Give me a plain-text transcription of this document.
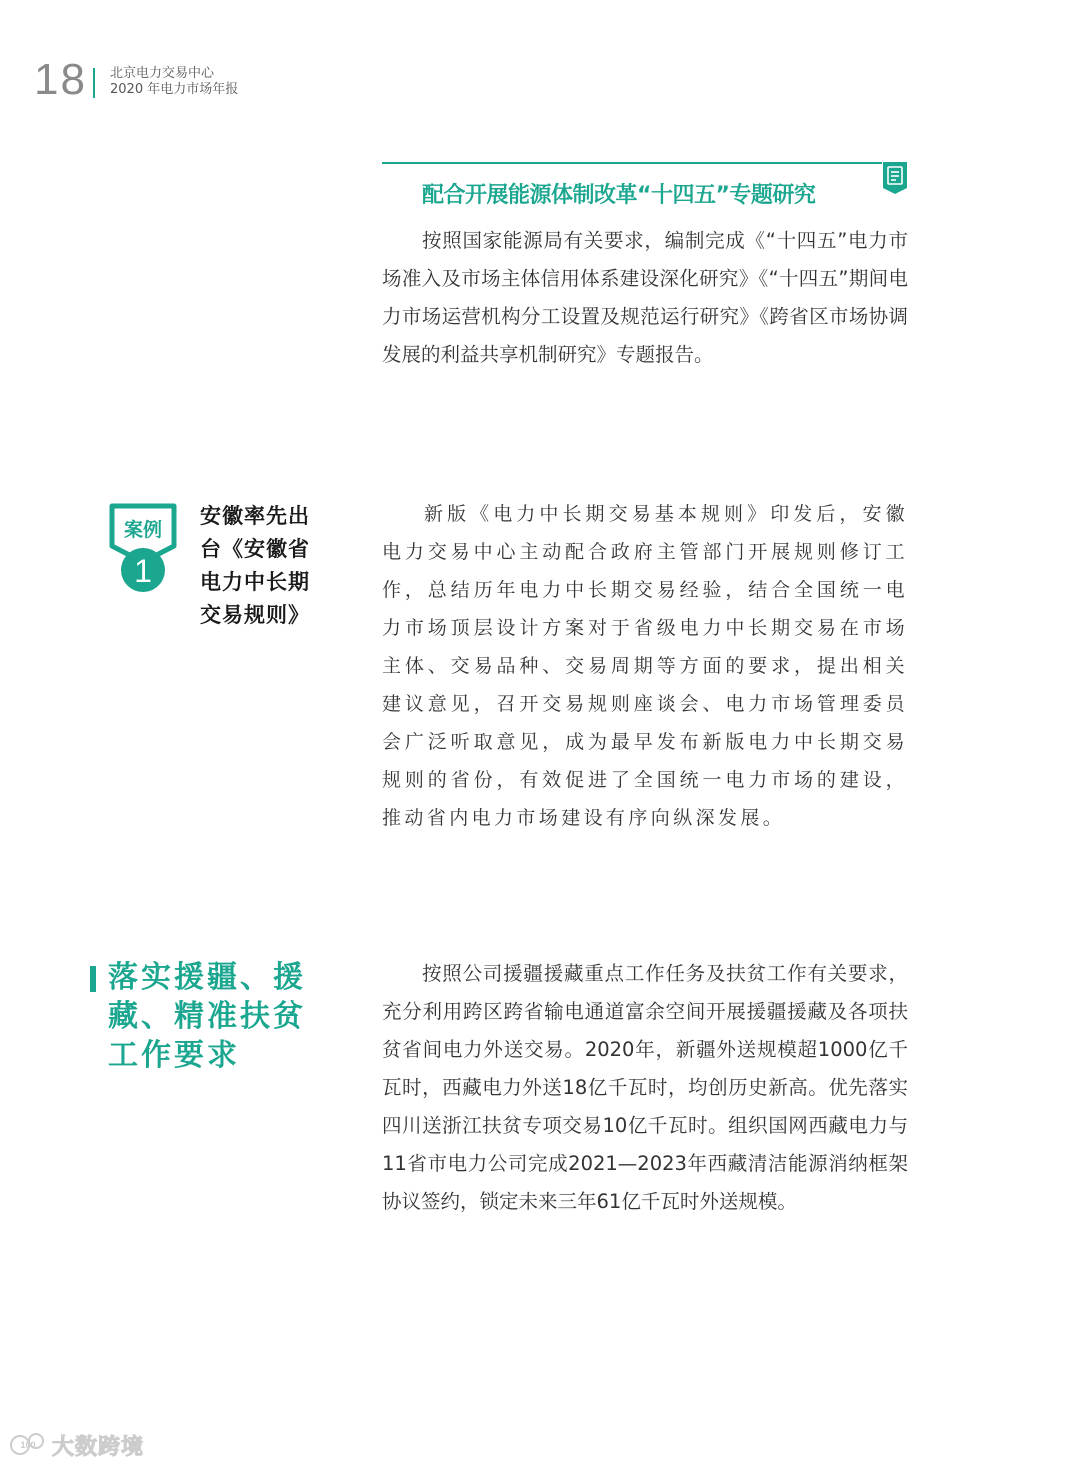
18 北京电力交易中心
2020 年电力市场年报
配合开展能源体制改革“十四五”专题研究

按照国家能源局有关要求，编制完成《“十四五”电力市场准入及市场主体信用体系建设深化研究》《“十四五”期间电力市场运营机构分工设置及规范运行研究》《跨省区市场协调发展的利益共享机制研究》专题报告。

案例
1
安徽率先出台《安徽省电力中长期交易规则》

新版《电力中长期交易基本规则》印发后，安徽电力交易中心主动配合政府主管部门开展规则修订工作，总结历年电力中长期交易经验，结合全国统一电力市场顶层设计方案对于省级电力中长期交易在市场主体、交易品种、交易周期等方面的要求，提出相关建议意见，召开交易规则座谈会、电力市场管理委员会广泛听取意见，成为最早发布新版电力中长期交易规则的省份，有效促进了全国统一电力市场的建设，推动省内电力市场建设有序向纵深发展。

落实援疆、援藏、精准扶贫工作要求

按照公司援疆援藏重点工作任务及扶贫工作有关要求，充分利用跨区跨省输电通道富余空间开展援疆援藏及各项扶贫省间电力外送交易。2020年，新疆外送规模超1000亿千瓦时，西藏电力外送18亿千瓦时，均创历史新高。优先落实四川送浙江扶贫专项交易10亿千瓦时。组织国网西藏电力与11省市电力公司完成2021—2023年西藏清洁能源消纳框架协议签约，锁定未来三年61亿千瓦时外送规模。

100 大数跨境
